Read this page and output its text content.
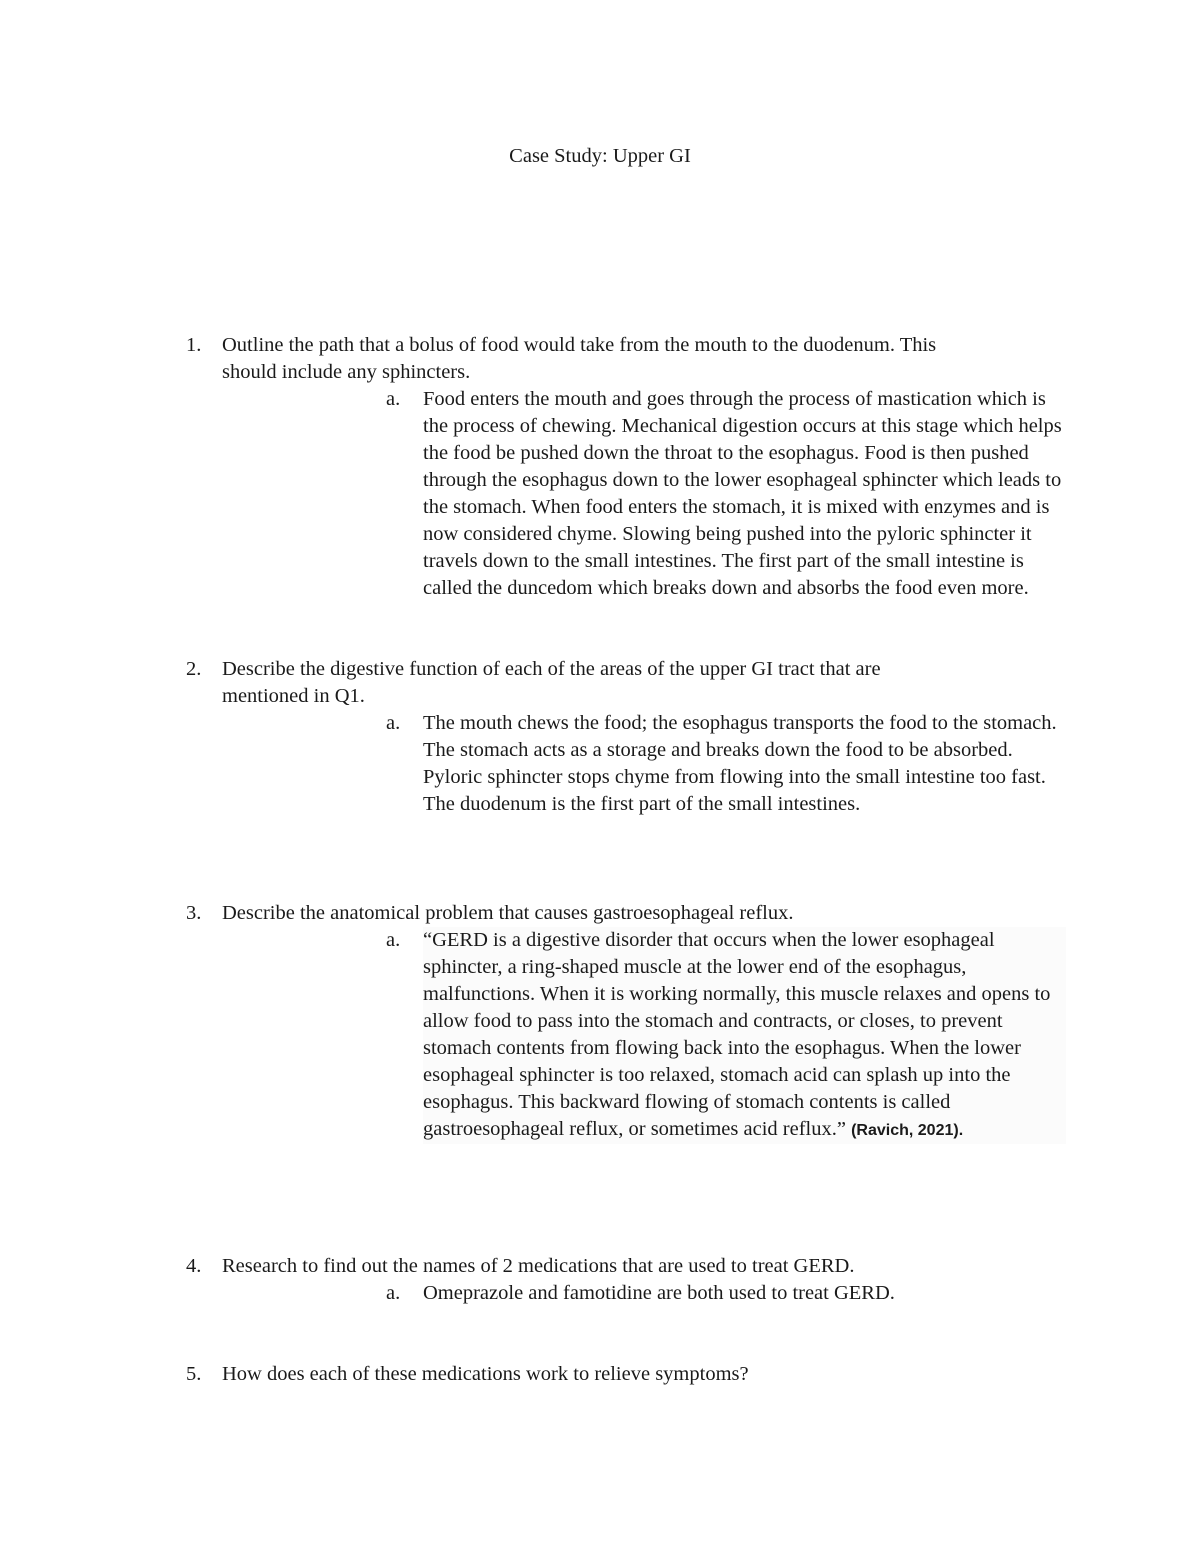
Case Study: Upper GI
1.	Outline the path that a bolus of food would take from the mouth to the duodenum. This
should include any sphincters.
a.	Food enters the mouth and goes through the process of mastication which is the process of chewing. Mechanical digestion occurs at this stage which helps the food be pushed down the throat to the esophagus. Food is then pushed through the esophagus down to the lower esophageal sphincter which leads to the stomach. When food enters the stomach, it is mixed with enzymes and is now considered chyme. Slowing being pushed into the pyloric sphincter it travels down to the small intestines. The first part of the small intestine is called the duncedom which breaks down and absorbs the food even more.
2.	Describe the digestive function of each of the areas of the upper GI tract that are
mentioned in Q1.
a.	The mouth chews the food; the esophagus transports the food to the stomach. The stomach acts as a storage and breaks down the food to be absorbed. Pyloric sphincter stops chyme from flowing into the small intestine too fast. The duodenum is the first part of the small intestines.
3.	Describe the anatomical problem that causes gastroesophageal reflux.
a.	“GERD is a digestive disorder that occurs when the lower esophageal sphincter, a ring-shaped muscle at the lower end of the esophagus, malfunctions. When it is working normally, this muscle relaxes and opens to allow food to pass into the stomach and contracts, or closes, to prevent stomach contents from flowing back into the esophagus. When the lower esophageal sphincter is too relaxed, stomach acid can splash up into the esophagus. This backward flowing of stomach contents is called gastroesophageal reflux, or sometimes acid reflux.” (Ravich, 2021).
4.	Research to find out the names of 2 medications that are used to treat GERD.
a.	Omeprazole and famotidine are both used to treat GERD.
5.	How does each of these medications work to relieve symptoms?
